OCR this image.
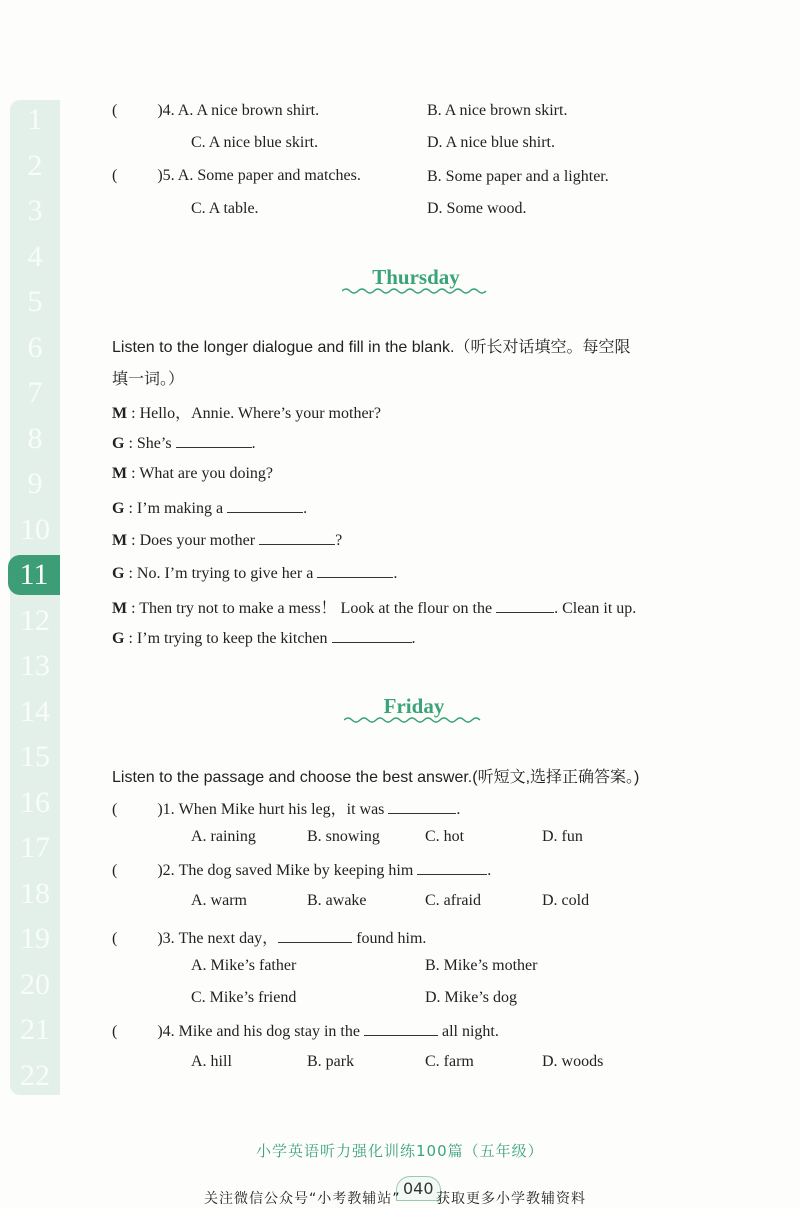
1
2
3
4
5
6
7
8
9
10
11
12
13
14
15
16
17
18
19
20
21
22
(	)4. A. A nice brown shirt.	B. A nice brown skirt.
C. A nice blue skirt.	D. A nice blue shirt.
(	)5. A. Some paper and matches.	B. Some paper and a lighter.
C. A table.	D. Some wood.
Thursday
Listen to the longer dialogue and fill in the blank.（听长对话填空。每空限
填一词。）
M : Hello，Annie. Where’s your mother?
G : She’s	.
M : What are you doing?
G : I’m making a	.
M : Does your mother	?
G : No. I’m trying to give her a	.
M : Then try not to make a mess！ Look at the flour on the	. Clean it up.
G : I’m trying to keep the kitchen	.
Friday
Listen to the passage and choose the best answer.(听短文,选择正确答案。)
(	)1. When Mike hurt his leg，it was	.
A. raining	B. snowing	C. hot	D. fun
(	)2. The dog saved Mike by keeping him	.
A. warm	B. awake	C. afraid	D. cold
(	)3. The next day，	found him.
A. Mike’s father	B. Mike’s mother
C. Mike’s friend	D. Mike’s dog
(	)4. Mike and his dog stay in the	all night.
A. hill	B. park	C. farm	D. woods
小学英语听力强化训练100篇（五年级）
040
关注微信公众号“小考教辅站”	获取更多小学教辅资料
